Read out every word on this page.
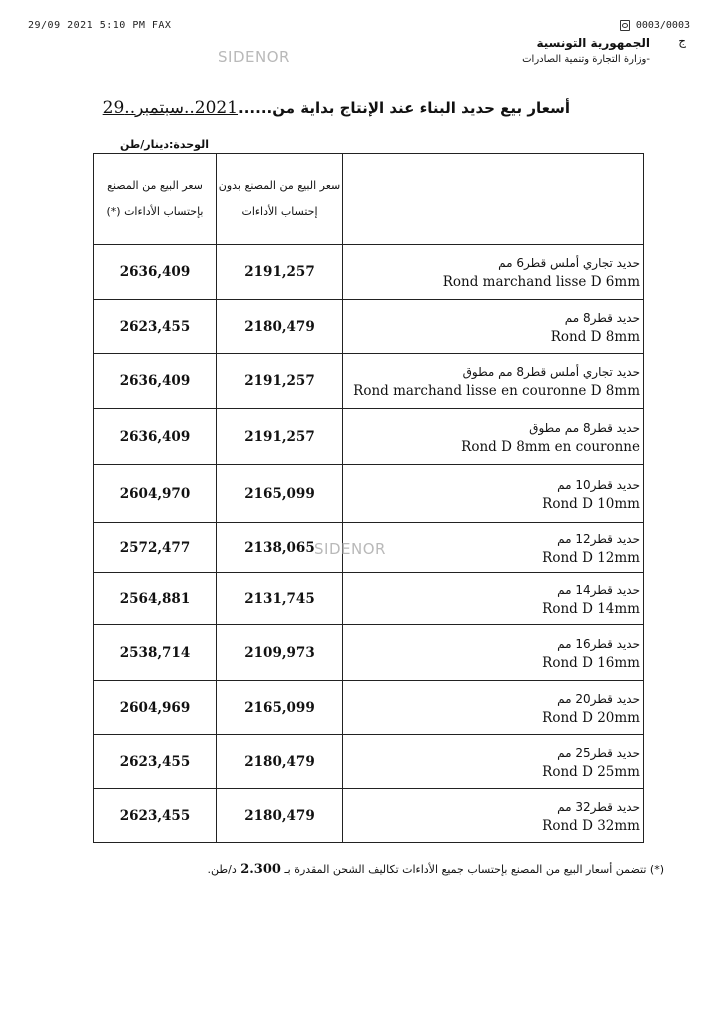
29/09 2021 5:10 PM FAX	0003/0003
SIDENOR
الجمهورية التونسية
-وزارة التجارة وتنمية الصادرات
ج
أسعار بيع حديد البناء عند الإنتاج بداية من......2021..سبتمبر..29
الوحدة:دينار/طن
سعر البيع من المصنع بإحتساب الأداءات (*)	سعر البيع من المصنع بدون إحتساب الأداءات	
2636,409	2191,257	حديد تجاري أملس قطر6 مم
Rond marchand lisse D 6mm

2623,455	2180,479	حديد قطر8 مم
Rond D 8mm

2636,409	2191,257	حديد تجاري أملس قطر8 مم مطوق
Rond marchand lisse en couronne D 8mm

2636,409	2191,257	حديد قطر8 مم مطوق
Rond D 8mm en couronne

2604,970	2165,099	حديد قطر10 مم
Rond D 10mm

2572,477	2138,065	حديد قطر12 مم
Rond D 12mm

2564,881	2131,745	حديد قطر14 مم
Rond D 14mm

2538,714	2109,973	حديد قطر16 مم
Rond D 16mm

2604,969	2165,099	حديد قطر20 مم
Rond D 20mm

2623,455	2180,479	حديد قطر25 مم
Rond D 25mm

2623,455	2180,479	حديد قطر32 مم
Rond D 32mm
SIDENOR
(*) تتضمن أسعار البيع من المصنع بإحتساب جميع الأداءات تكاليف الشحن المقدرة بـ 2.300 د/طن.
